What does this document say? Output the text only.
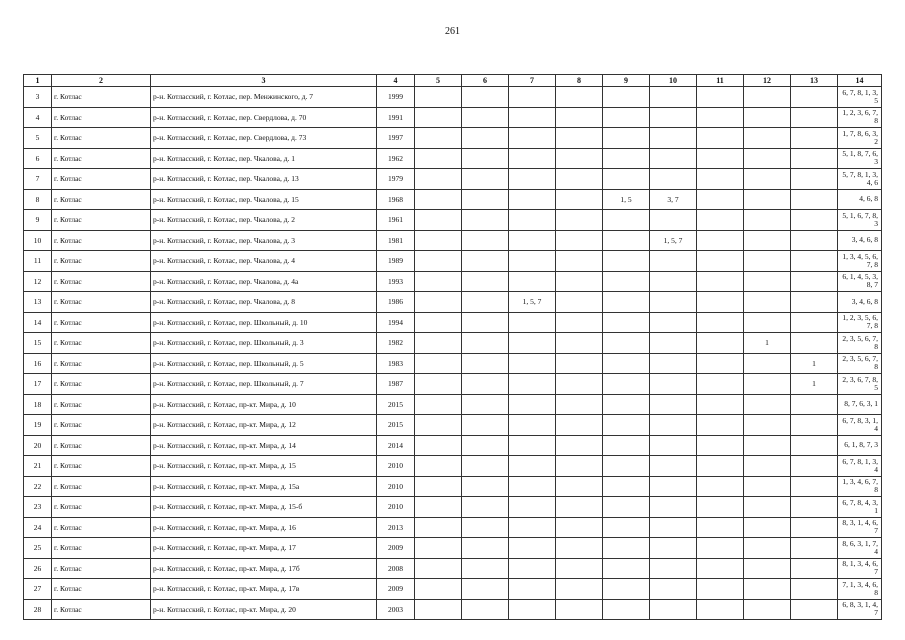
261
1	2	3	4	5	6	7	8	9	10	11	12	13	14
3	г. Котлас	р-н. Котласский, г. Котлас, пер. Менжинского, д. 7	1999										6, 7, 8, 1, 3, 5
4	г. Котлас	р-н. Котласский, г. Котлас, пер. Свердлова, д. 70	1991										1, 2, 3, 6, 7, 8
5	г. Котлас	р-н. Котласский, г. Котлас, пер. Свердлова, д. 73	1997										1, 7, 8, 6, 3, 2
6	г. Котлас	р-н. Котласский, г. Котлас, пер. Чкалова, д. 1	1962										5, 1, 8, 7, 6, 3
7	г. Котлас	р-н. Котласский, г. Котлас, пер. Чкалова, д. 13	1979										5, 7, 8, 1, 3, 4, 6
8	г. Котлас	р-н. Котласский, г. Котлас, пер. Чкалова, д. 15	1968					1, 5	3, 7				4, 6, 8
9	г. Котлас	р-н. Котласский, г. Котлас, пер. Чкалова, д. 2	1961										5, 1, 6, 7, 8, 3
10	г. Котлас	р-н. Котласский, г. Котлас, пер. Чкалова, д. 3	1981						1, 5, 7				3, 4, 6, 8
11	г. Котлас	р-н. Котласский, г. Котлас, пер. Чкалова, д. 4	1989										1, 3, 4, 5, 6, 7, 8
12	г. Котлас	р-н. Котласский, г. Котлас, пер. Чкалова, д. 4а	1993										6, 1, 4, 5, 3, 8, 7
13	г. Котлас	р-н. Котласский, г. Котлас, пер. Чкалова, д. 8	1986			1, 5, 7							3, 4, 6, 8
14	г. Котлас	р-н. Котласский, г. Котлас, пер. Школьный, д. 10	1994										1, 2, 3, 5, 6, 7, 8
15	г. Котлас	р-н. Котласский, г. Котлас, пер. Школьный, д. 3	1982								1		2, 3, 5, 6, 7, 8
16	г. Котлас	р-н. Котласский, г. Котлас, пер. Школьный, д. 5	1983									1	2, 3, 5, 6, 7, 8
17	г. Котлас	р-н. Котласский, г. Котлас, пер. Школьный, д. 7	1987									1	2, 3, 6, 7, 8, 5
18	г. Котлас	р-н. Котласский, г. Котлас, пр-кт. Мира, д. 10	2015										8, 7, 6, 3, 1
19	г. Котлас	р-н. Котласский, г. Котлас, пр-кт. Мира, д. 12	2015										6, 7, 8, 3, 1, 4
20	г. Котлас	р-н. Котласский, г. Котлас, пр-кт. Мира, д. 14	2014										6, 1, 8, 7, 3
21	г. Котлас	р-н. Котласский, г. Котлас, пр-кт. Мира, д. 15	2010										6, 7, 8, 1, 3, 4
22	г. Котлас	р-н. Котласский, г. Котлас, пр-кт. Мира, д. 15а	2010										1, 3, 4, 6, 7, 8
23	г. Котлас	р-н. Котласский, г. Котлас, пр-кт. Мира, д. 15-б	2010										6, 7, 8, 4, 3, 1
24	г. Котлас	р-н. Котласский, г. Котлас, пр-кт. Мира, д. 16	2013										8, 3, 1, 4, 6, 7
25	г. Котлас	р-н. Котласский, г. Котлас, пр-кт. Мира, д. 17	2009										8, 6, 3, 1, 7, 4
26	г. Котлас	р-н. Котласский, г. Котлас, пр-кт. Мира, д. 17б	2008										8, 1, 3, 4, 6, 7
27	г. Котлас	р-н. Котласский, г. Котлас, пр-кт. Мира, д. 17в	2009										7, 1, 3, 4, 6, 8
28	г. Котлас	р-н. Котласский, г. Котлас, пр-кт. Мира, д. 20	2003										6, 8, 3, 1, 4, 7
